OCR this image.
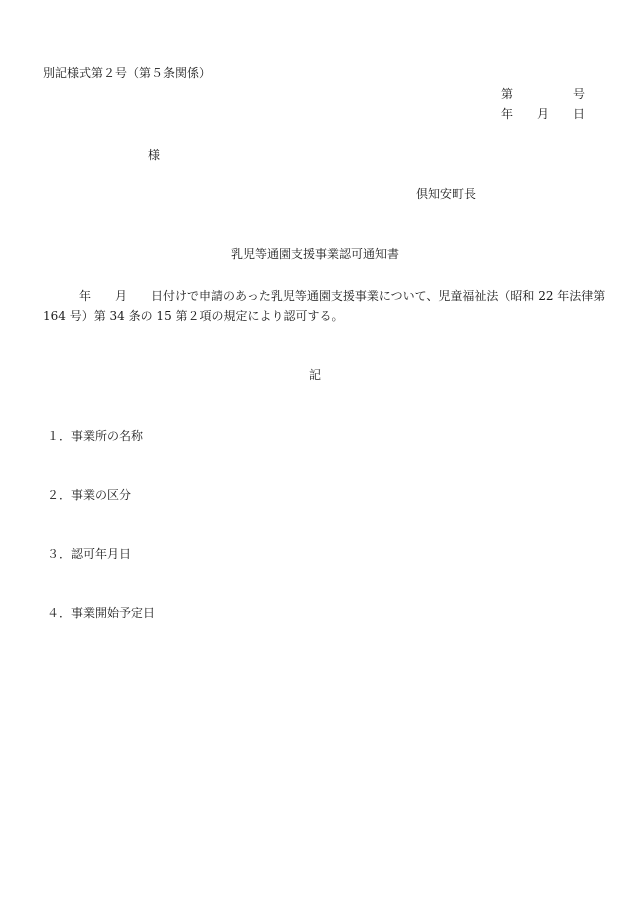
別記様式第２号（第５条関係）
第　　　　　号
年　　月　　日
様
倶知安町長
乳児等通園支援事業認可通知書
　　　年　　月　　日付けで申請のあった乳児等通園支援事業について、児童福祉法（昭和 22 年法律第
164 号）第 34 条の 15 第２項の規定により認可する。
記
１．事業所の名称
２．事業の区分
３．認可年月日
４．事業開始予定日
